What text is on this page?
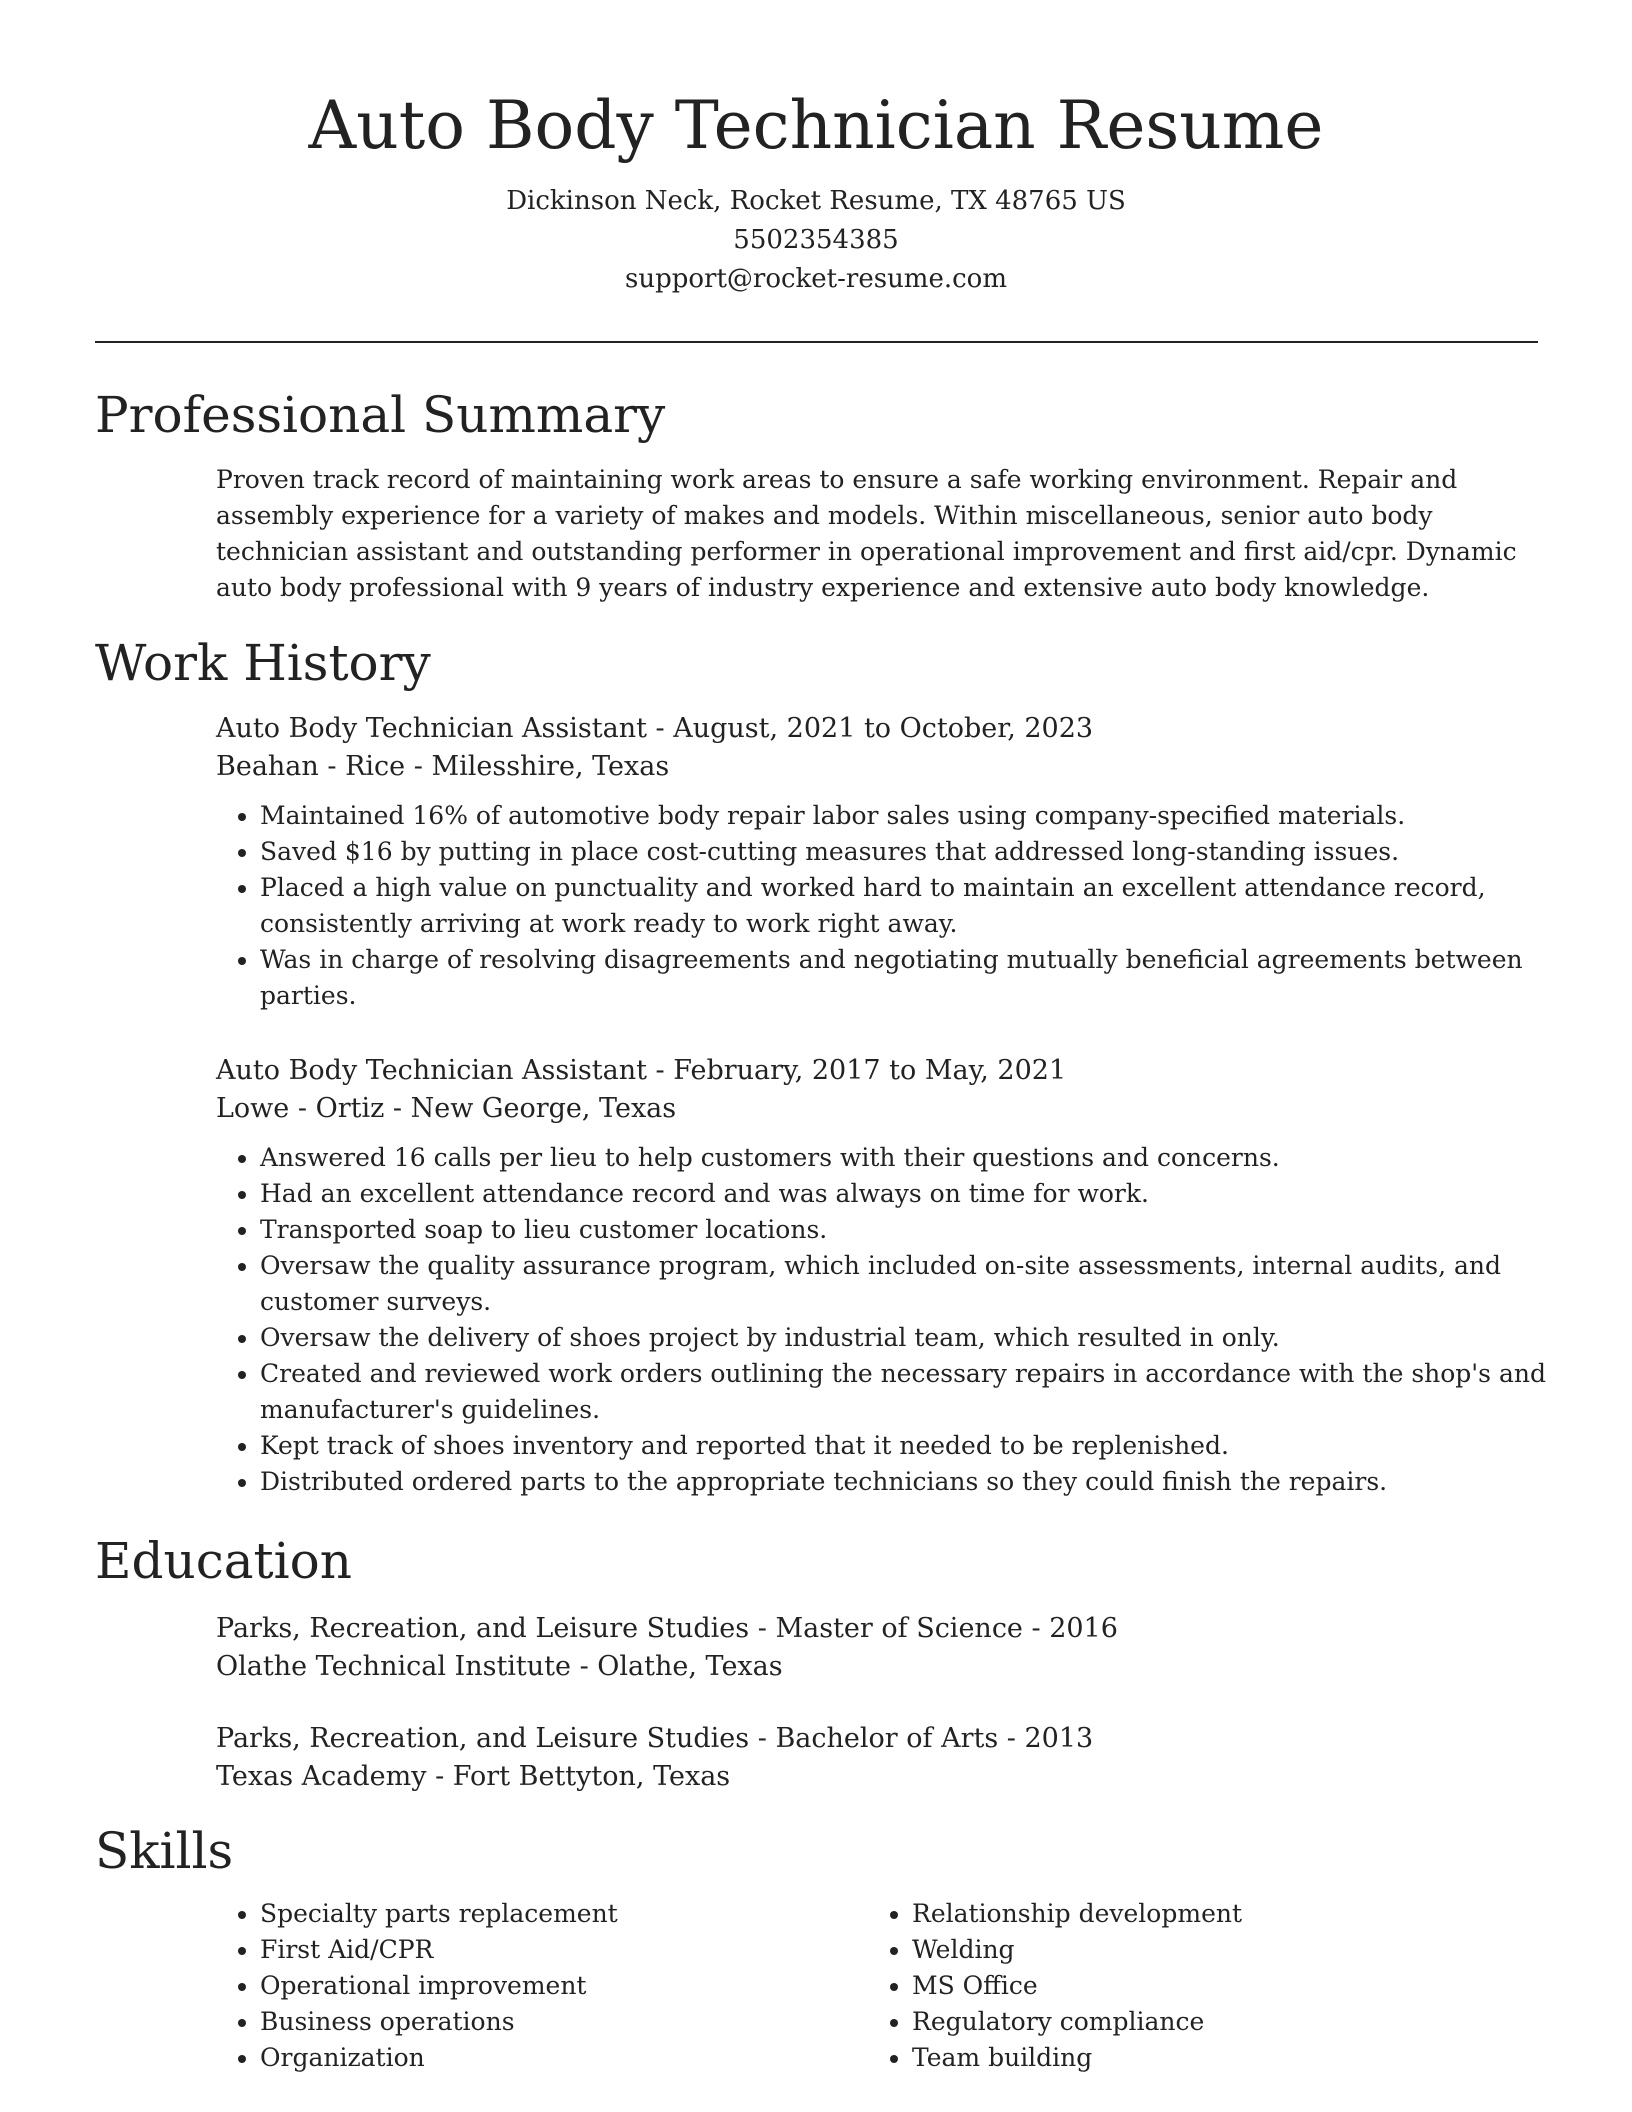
Auto Body Technician Resume
Dickinson Neck, Rocket Resume, TX 48765 US
5502354385
support@rocket-resume.com
Professional Summary
Proven track record of maintaining work areas to ensure a safe working environment. Repair and assembly experience for a variety of makes and models. Within miscellaneous, senior auto body technician assistant and outstanding performer in operational improvement and first aid/cpr. Dynamic auto body professional with 9 years of industry experience and extensive auto body knowledge.
Work History
Auto Body Technician Assistant - August, 2021 to October, 2023
Beahan - Rice - Milesshire, Texas
• Maintained 16% of automotive body repair labor sales using company-specified materials.
• Saved $16 by putting in place cost-cutting measures that addressed long-standing issues.
• Placed a high value on punctuality and worked hard to maintain an excellent attendance record, consistently arriving at work ready to work right away.
• Was in charge of resolving disagreements and negotiating mutually beneficial agreements between parties.
Auto Body Technician Assistant - February, 2017 to May, 2021
Lowe - Ortiz - New George, Texas
• Answered 16 calls per lieu to help customers with their questions and concerns.
• Had an excellent attendance record and was always on time for work.
• Transported soap to lieu customer locations.
• Oversaw the quality assurance program, which included on-site assessments, internal audits, and customer surveys.
• Oversaw the delivery of shoes project by industrial team, which resulted in only.
• Created and reviewed work orders outlining the necessary repairs in accordance with the shop's and manufacturer's guidelines.
• Kept track of shoes inventory and reported that it needed to be replenished.
• Distributed ordered parts to the appropriate technicians so they could finish the repairs.
Education
Parks, Recreation, and Leisure Studies - Master of Science - 2016
Olathe Technical Institute - Olathe, Texas
Parks, Recreation, and Leisure Studies - Bachelor of Arts - 2013
Texas Academy - Fort Bettyton, Texas
Skills
• Specialty parts replacement
• First Aid/CPR
• Operational improvement
• Business operations
• Organization
• Relationship development
• Welding
• MS Office
• Regulatory compliance
• Team building
